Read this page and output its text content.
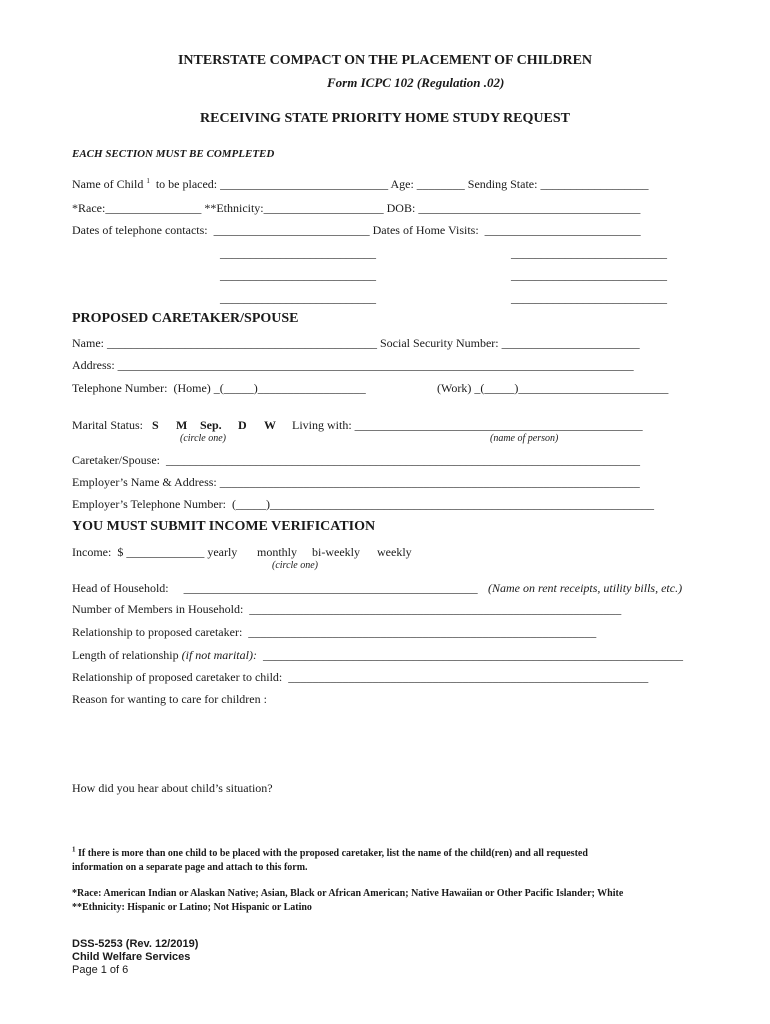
INTERSTATE COMPACT ON THE PLACEMENT OF CHILDREN
Form ICPC 102 (Regulation .02)
RECEIVING STATE PRIORITY HOME STUDY REQUEST
EACH SECTION MUST BE COMPLETED
Name of Child $^1$  to be placed: ____________________________ Age: ________ Sending State: __________________
*Race:________________ **Ethnicity:____________________ DOB: _____________________________________
Dates of telephone contacts:  __________________________ Dates of Home Visits:  __________________________
__________________________	__________________________
__________________________	__________________________
__________________________	__________________________
PROPOSED CARETAKER/SPOUSE
Name: _____________________________________________ Social Security Number: _______________________
Address: ______________________________________________________________________________________
Telephone Number:  (Home) _(_____)__________________	(Work) _(_____)_________________________
Marital Status: S M Sep. D W Living with: ________________________________________________
(circle one)	(name of person)
Caretaker/Spouse:  _______________________________________________________________________________
Employer’s Name & Address: ______________________________________________________________________
Employer’s Telephone Number:  (_____)________________________________________________________________
YOU MUST SUBMIT INCOME VERIFICATION
Income:  $ _____________ yearly monthly bi-weekly weekly
(circle one)
Head of Household:     _________________________________________________ (Name on rent receipts, utility bills, etc.)
Number of Members in Household:  ______________________________________________________________
Relationship to proposed caretaker:  __________________________________________________________
Length of relationship (if not marital):  ______________________________________________________________________
Relationship of proposed caretaker to child:  ____________________________________________________________
Reason for wanting to care for children :
How did you hear about child’s situation?
$^1$ If there is more than one child to be placed with the proposed caretaker, list the name of the child(ren) and all requested
information on a separate page and attach to this form.
*Race: American Indian or Alaskan Native; Asian, Black or African American; Native Hawaiian or Other Pacific Islander; White
**Ethnicity: Hispanic or Latino; Not Hispanic or Latino
DSS-5253 (Rev. 12/2019)
Child Welfare Services
Page 1 of 6
